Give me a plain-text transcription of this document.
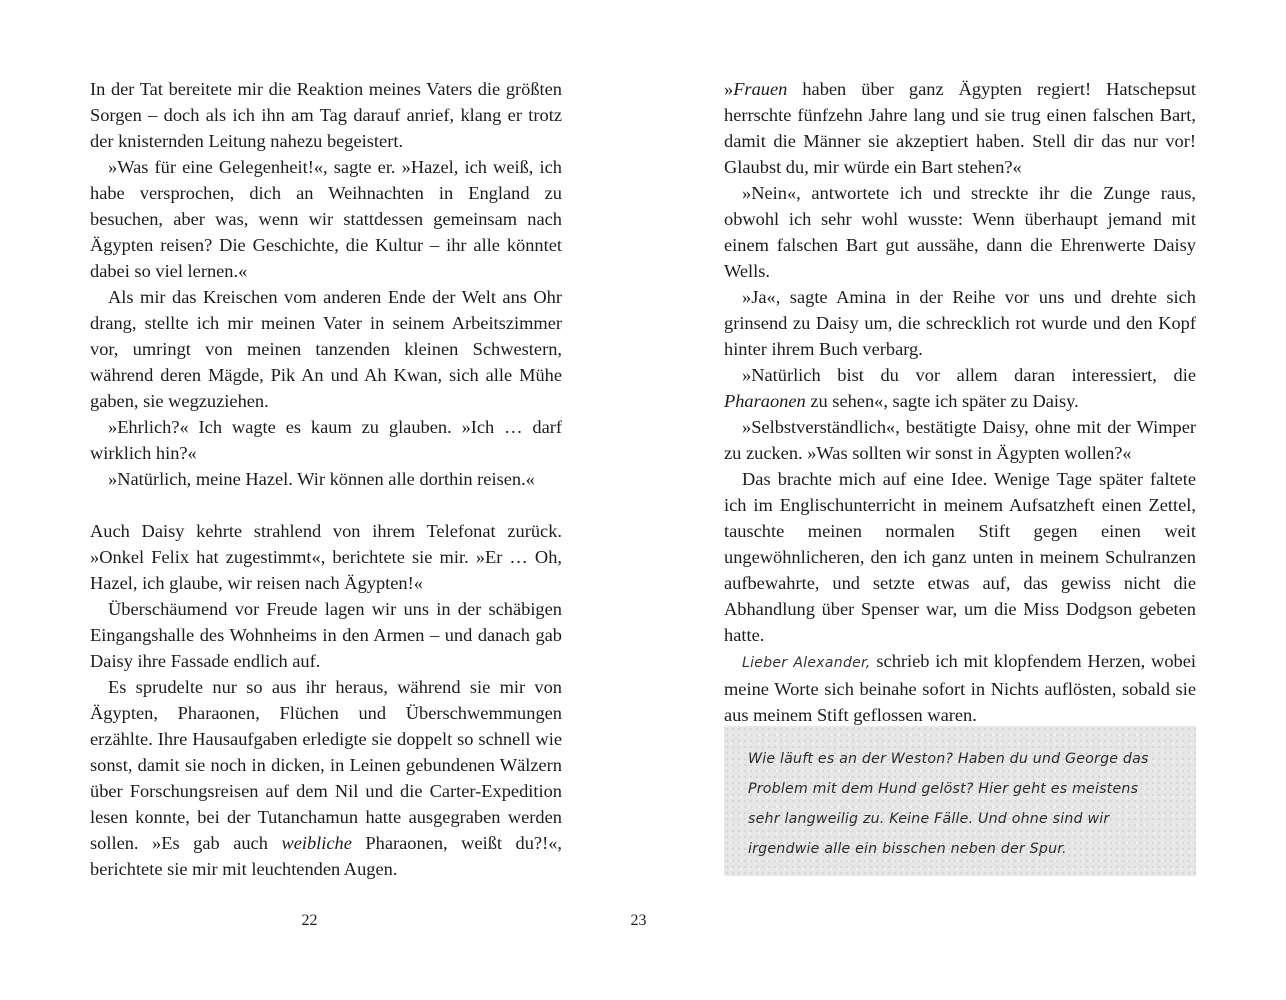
In der Tat bereitete mir die Reaktion meines Vaters die größten Sorgen – doch als ich ihn am Tag darauf anrief, klang er trotz der knisternden Leitung nahezu begeistert.

»Was für eine Gelegenheit!«, sagte er. »Hazel, ich weiß, ich habe versprochen, dich an Weihnachten in England zu besuchen, aber was, wenn wir stattdessen gemeinsam nach Ägypten reisen? Die Geschichte, die Kultur – ihr alle könntet dabei so viel lernen.«

Als mir das Kreischen vom anderen Ende der Welt ans Ohr drang, stellte ich mir meinen Vater in seinem Arbeitszimmer vor, umringt von meinen tanzenden kleinen Schwestern, während deren Mägde, Pik An und Ah Kwan, sich alle Mühe gaben, sie wegzuziehen.

»Ehrlich?« Ich wagte es kaum zu glauben. »Ich … darf wirklich hin?«

»Natürlich, meine Hazel. Wir können alle dorthin reisen.«

Auch Daisy kehrte strahlend von ihrem Telefonat zurück. »Onkel Felix hat zugestimmt«, berichtete sie mir. »Er … Oh, Hazel, ich glaube, wir reisen nach Ägypten!«

Überschäumend vor Freude lagen wir uns in der schäbigen Eingangshalle des Wohnheims in den Armen – und danach gab Daisy ihre Fassade endlich auf.

Es sprudelte nur so aus ihr heraus, während sie mir von Ägypten, Pharaonen, Flüchen und Überschwemmungen erzählte. Ihre Hausaufgaben erledigte sie doppelt so schnell wie sonst, damit sie noch in dicken, in Leinen gebundenen Wälzern über Forschungsreisen auf dem Nil und die Carter-Expedition lesen konnte, bei der Tutanchamun hatte ausgegraben werden sollen. »Es gab auch weibliche Pharaonen, weißt du?!«, berichtete sie mir mit leuchtenden Augen.

22

»Frauen haben über ganz Ägypten regiert! Hatschepsut herrschte fünfzehn Jahre lang und sie trug einen falschen Bart, damit die Männer sie akzeptiert haben. Stell dir das nur vor! Glaubst du, mir würde ein Bart stehen?«

»Nein«, antwortete ich und streckte ihr die Zunge raus, obwohl ich sehr wohl wusste: Wenn überhaupt jemand mit einem falschen Bart gut aussähe, dann die Ehrenwerte Daisy Wells.

»Ja«, sagte Amina in der Reihe vor uns und drehte sich grinsend zu Daisy um, die schrecklich rot wurde und den Kopf hinter ihrem Buch verbarg.

»Natürlich bist du vor allem daran interessiert, die Pharaonen zu sehen«, sagte ich später zu Daisy.

»Selbstverständlich«, bestätigte Daisy, ohne mit der Wimper zu zucken. »Was sollten wir sonst in Ägypten wollen?«

Das brachte mich auf eine Idee. Wenige Tage später faltete ich im Englischunterricht in meinem Aufsatzheft einen Zettel, tauschte meinen normalen Stift gegen einen weit ungewöhnlicheren, den ich ganz unten in meinem Schulranzen aufbewahrte, und setzte etwas auf, das gewiss nicht die Abhandlung über Spenser war, um die Miss Dodgson gebeten hatte.

Lieber Alexander, schrieb ich mit klopfendem Herzen, wobei meine Worte sich beinahe sofort in Nichts auflösten, sobald sie aus meinem Stift geflossen waren.

Wie läuft es an der Weston? Haben du und George das Problem mit dem Hund gelöst? Hier geht es meistens sehr langweilig zu. Keine Fälle. Und ohne sind wir irgendwie alle ein bisschen neben der Spur.
23
